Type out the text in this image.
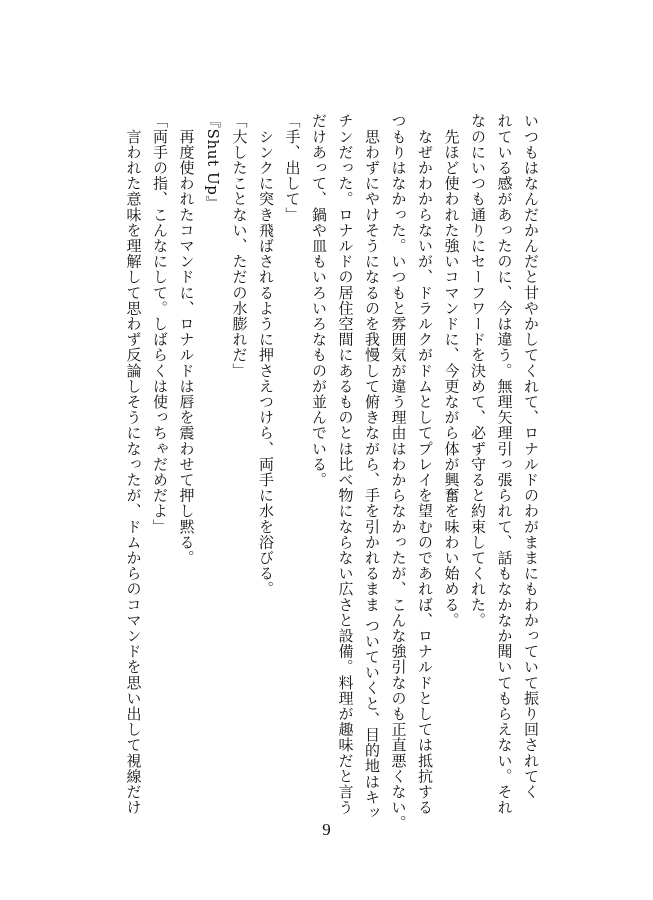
いつもはなんだかんだと甘やかしてくれて、ロナルドのわがままにもわかっていて振り回されてく
れている感があったのに、今は違う。無理矢理引っ張られて、話もなかなか聞いてもらえない。それ
なのにいつも通りにセーフワードを決めて、必ず守ると約束してくれた。
　先ほど使われた強いコマンドに、今更ながら体が興奮を味わい始める。
　なぜかわからないが、ドラルクがドムとしてプレイを望むのであれば、ロナルドとしては抵抗する
つもりはなかった。いつもと雰囲気が違う理由はわからなかったが、こんな強引なのも正直悪くない。
　思わずにやけそうになるのを我慢して俯きながら、手を引かれるまま ついていくと、目的地はキッ
チンだった。ロナルドの居住空間にあるものとは比べ物にならない広さと設備。料理が趣味だと言う
だけあって、鍋や皿もいろいろなものが並んでいる。
「手、出して」
　シンクに突き飛ばされるように押さえつけら、両手に水を浴びる。
「大したことない、ただの水膨れだ」
『Shut Up』
　再度使われたコマンドに、ロナルドは唇を震わせて押し黙る。
「両手の指、こんなにして。しばらくは使っちゃだめだよ」
　言われた意味を理解して思わず反論しそうになったが、ドムからのコマンドを思い出して視線だけ
9
